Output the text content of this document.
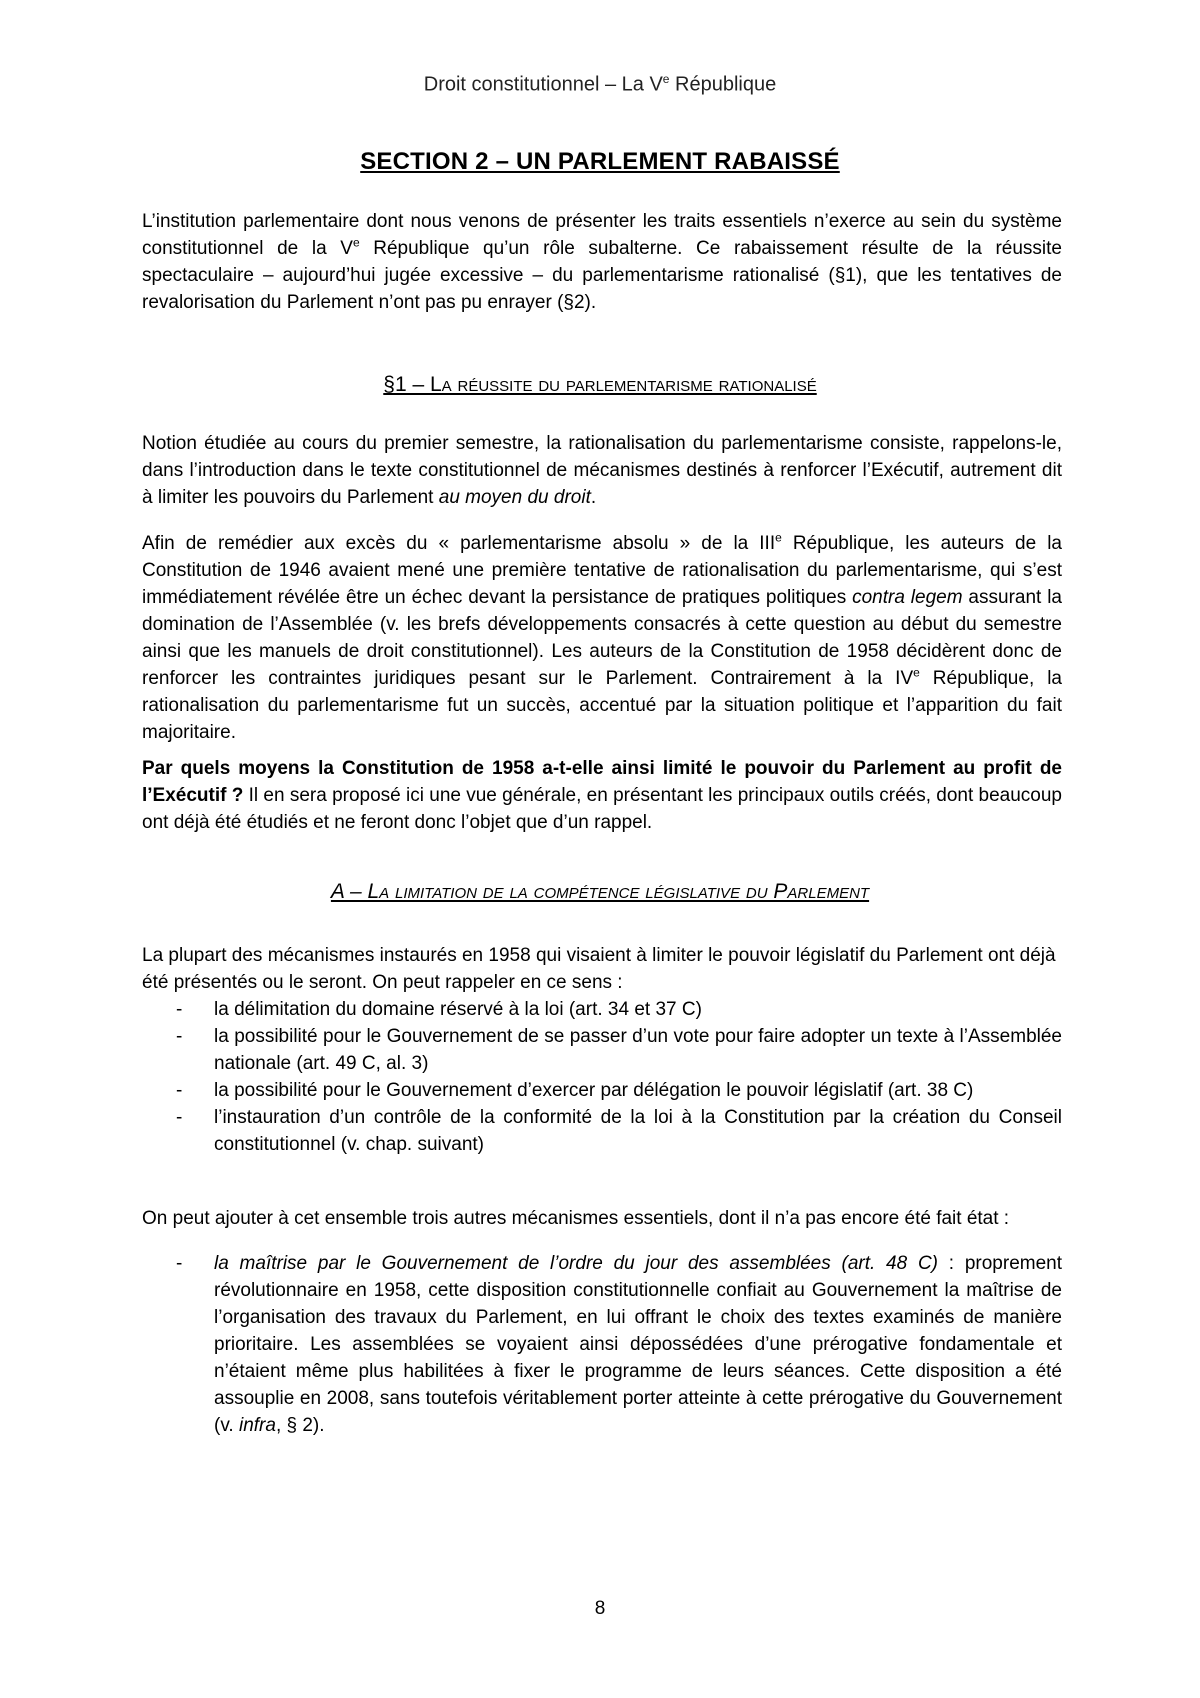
Droit constitutionnel – La Ve République
SECTION 2 – UN PARLEMENT RABAISSÉ

L’institution parlementaire dont nous venons de présenter les traits essentiels n’exerce au sein du système constitutionnel de la Ve République qu’un rôle subalterne. Ce rabaissement résulte de la réussite spectaculaire – aujourd’hui jugée excessive – du parlementarisme rationalisé (§1), que les tentatives de revalorisation du Parlement n’ont pas pu enrayer (§2).

§1 – La réussite du parlementarisme rationalisé

Notion étudiée au cours du premier semestre, la rationalisation du parlementarisme consiste, rappelons-le, dans l’introduction dans le texte constitutionnel de mécanismes destinés à renforcer l’Exécutif, autrement dit à limiter les pouvoirs du Parlement au moyen du droit.

Afin de remédier aux excès du « parlementarisme absolu » de la IIIe République, les auteurs de la Constitution de 1946 avaient mené une première tentative de rationalisation du parlementarisme, qui s’est immédiatement révélée être un échec devant la persistance de pratiques politiques contra legem assurant la domination de l’Assemblée (v. les brefs développements consacrés à cette question au début du semestre ainsi que les manuels de droit constitutionnel). Les auteurs de la Constitution de 1958 décidèrent donc de renforcer les contraintes juridiques pesant sur le Parlement. Contrairement à la IVe République, la rationalisation du parlementarisme fut un succès, accentué par la situation politique et l’apparition du fait majoritaire.

Par quels moyens la Constitution de 1958 a-t-elle ainsi limité le pouvoir du Parlement au profit de l’Exécutif ? Il en sera proposé ici une vue générale, en présentant les principaux outils créés, dont beaucoup ont déjà été étudiés et ne feront donc l’objet que d’un rappel.

A – La limitation de la compétence législative du Parlement
La plupart des mécanismes instaurés en 1958 qui visaient à limiter le pouvoir législatif du Parlement ont déjà été présentés ou le seront. On peut rappeler en ce sens :
- la délimitation du domaine réservé à la loi (art. 34 et 37 C)
- la possibilité pour le Gouvernement de se passer d’un vote pour faire adopter un texte à l’Assemblée nationale (art. 49 C, al. 3)
- la possibilité pour le Gouvernement d’exercer par délégation le pouvoir législatif (art. 38 C)
- l’instauration d’un contrôle de la conformité de la loi à la Constitution par la création du Conseil constitutionnel (v. chap. suivant)
On peut ajouter à cet ensemble trois autres mécanismes essentiels, dont il n’a pas encore été fait état :
- la maîtrise par le Gouvernement de l’ordre du jour des assemblées (art. 48 C) : proprement révolutionnaire en 1958, cette disposition constitutionnelle confiait au Gouvernement la maîtrise de l’organisation des travaux du Parlement, en lui offrant le choix des textes examinés de manière prioritaire. Les assemblées se voyaient ainsi dépossédées d’une prérogative fondamentale et n’étaient même plus habilitées à fixer le programme de leurs séances. Cette disposition a été assouplie en 2008, sans toutefois véritablement porter atteinte à cette prérogative du Gouvernement (v. infra, § 2).
8
